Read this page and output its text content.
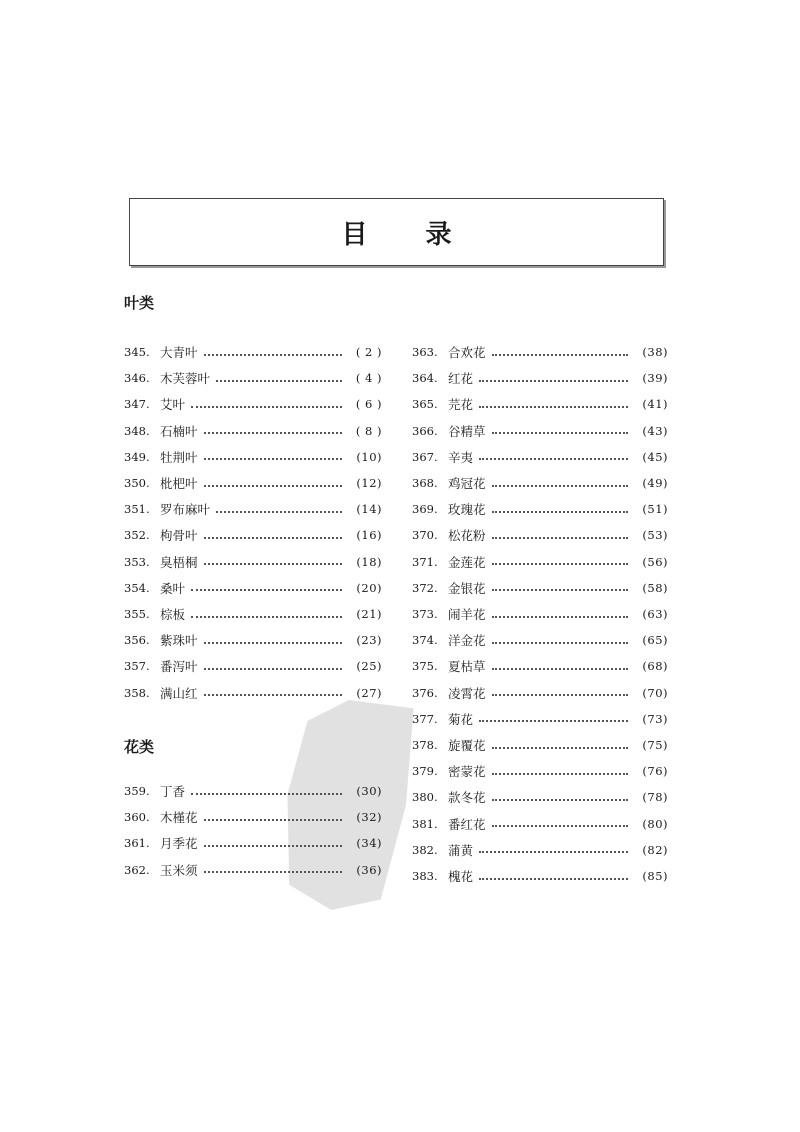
目 录
叶类
花类
345. 大青叶	( 2 )
346. 木芙蓉叶	( 4 )
347. 艾叶	( 6 )
348. 石楠叶	( 8 )
349. 牡荆叶	(10)
350. 枇杷叶	(12)
351. 罗布麻叶	(14)
352. 枸骨叶	(16)
353. 臭梧桐	(18)
354. 桑叶	(20)
355. 棕板	(21)
356. 紫珠叶	(23)
357. 番泻叶	(25)
358. 满山红	(27)
359. 丁香	(30)
360. 木槿花	(32)
361. 月季花	(34)
362. 玉米须	(36)
363. 合欢花	(38)
364. 红花	(39)
365. 芫花	(41)
366. 谷精草	(43)
367. 辛夷	(45)
368. 鸡冠花	(49)
369. 玫瑰花	(51)
370. 松花粉	(53)
371. 金莲花	(56)
372. 金银花	(58)
373. 闹羊花	(63)
374. 洋金花	(65)
375. 夏枯草	(68)
376. 凌霄花	(70)
377. 菊花	(73)
378. 旋覆花	(75)
379. 密蒙花	(76)
380. 款冬花	(78)
381. 番红花	(80)
382. 蒲黄	(82)
383. 槐花	(85)
